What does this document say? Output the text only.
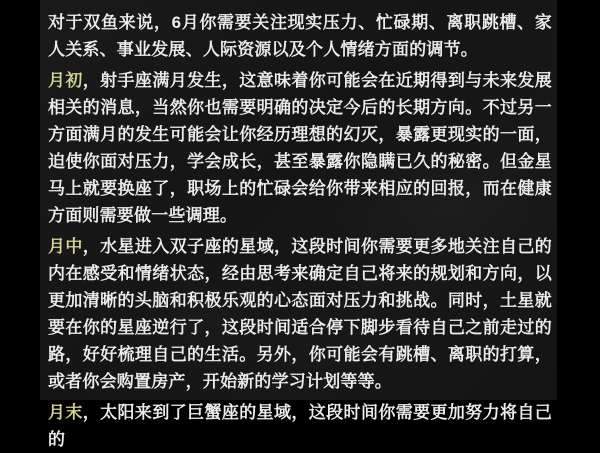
对于双鱼来说，6月你需要关注现实压力、忙碌期、离职跳槽、家人关系、事业发展、人际资源以及个人情绪方面的调节。

月初，射手座满月发生，这意味着你可能会在近期得到与未来发展相关的消息，当然你也需要明确的决定今后的长期方向。不过另一方面满月的发生可能会让你经历理想的幻灭，暴露更现实的一面，迫使你面对压力，学会成长，甚至暴露你隐瞒已久的秘密。但金星马上就要换座了，职场上的忙碌会给你带来相应的回报，而在健康方面则需要做一些调理。

月中，水星进入双子座的星域，这段时间你需要更多地关注自己的内在感受和情绪状态，经由思考来确定自己将来的规划和方向，以更加清晰的头脑和积极乐观的心态面对压力和挑战。同时，土星就要在你的星座逆行了，这段时间适合停下脚步看待自己之前走过的路，好好梳理自己的生活。另外，你可能会有跳槽、离职的打算，或者你会购置房产，开始新的学习计划等等。

月末，太阳来到了巨蟹座的星域，这段时间你需要更加努力将自己的
